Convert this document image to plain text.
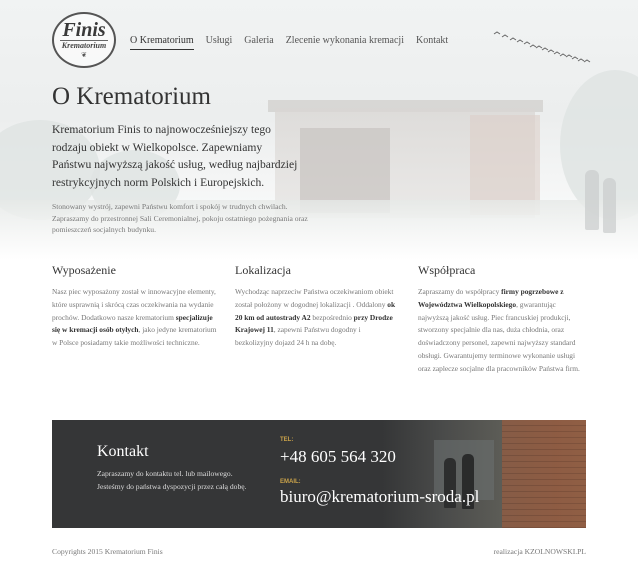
Finis
Krematorium
❦
O Krematorium Usługi Galeria Zlecenie wykonania kremacji Kontakt
O Krematorium

Krematorium Finis to najnowocześniejszy tego rodzaju obiekt w Wielkopolsce. Zapewniamy Państwu najwyższą jakość usług, według najbardziej restrykcyjnych norm Polskich i Europejskich.

Stonowany wystrój, zapewni Państwu komfort i spokój w trudnych chwilach. Zapraszamy do przestronnej Sali Ceremonialnej, pokoju ostatniego pożegnania oraz pomieszczeń socjalnych budynku.

Wyposażenie

Nasz piec wyposażony został w innowacyjne elementy, które usprawnią i skrócą czas oczekiwania na wydanie prochów. Dodatkowo nasze krematorium specjalizuje się w kremacji osób otyłych, jako jedyne krematorium w Polsce posiadamy takie możliwości techniczne.

Lokalizacja

Wychodząc naprzeciw Państwa oczekiwaniom obiekt został położony w dogodnej lokalizacji . Oddalony ok 20 km od autostrady A2 bezpośrednio przy Drodze Krajowej 11, zapewni Państwu dogodny i bezkolizyjny dojazd 24 h na dobę.

Współpraca

Zapraszamy do współpracy firmy pogrzebowe z Województwa Wielkopolskiego, gwarantując najwyższą jakość usług. Piec francuskiej produkcji, stworzony specjalnie dla nas, duża chłodnia, oraz doświadczony personel, zapewni najwyższy standard obsługi. Gwarantujemy terminowe wykonanie usługi oraz zaplecze socjalne dla pracowników Państwa firm.

Kontakt

Zapraszamy do kontaktu tel. lub mailowego. Jesteśmy do państwa dyspozycji przez całą dobę.

TEL:
+48 605 564 320
EMAIL:
biuro@krematorium-sroda.pl
Copyrights 2015 Krematorium Finis	realizacja KZOLNOWSKI.PL
